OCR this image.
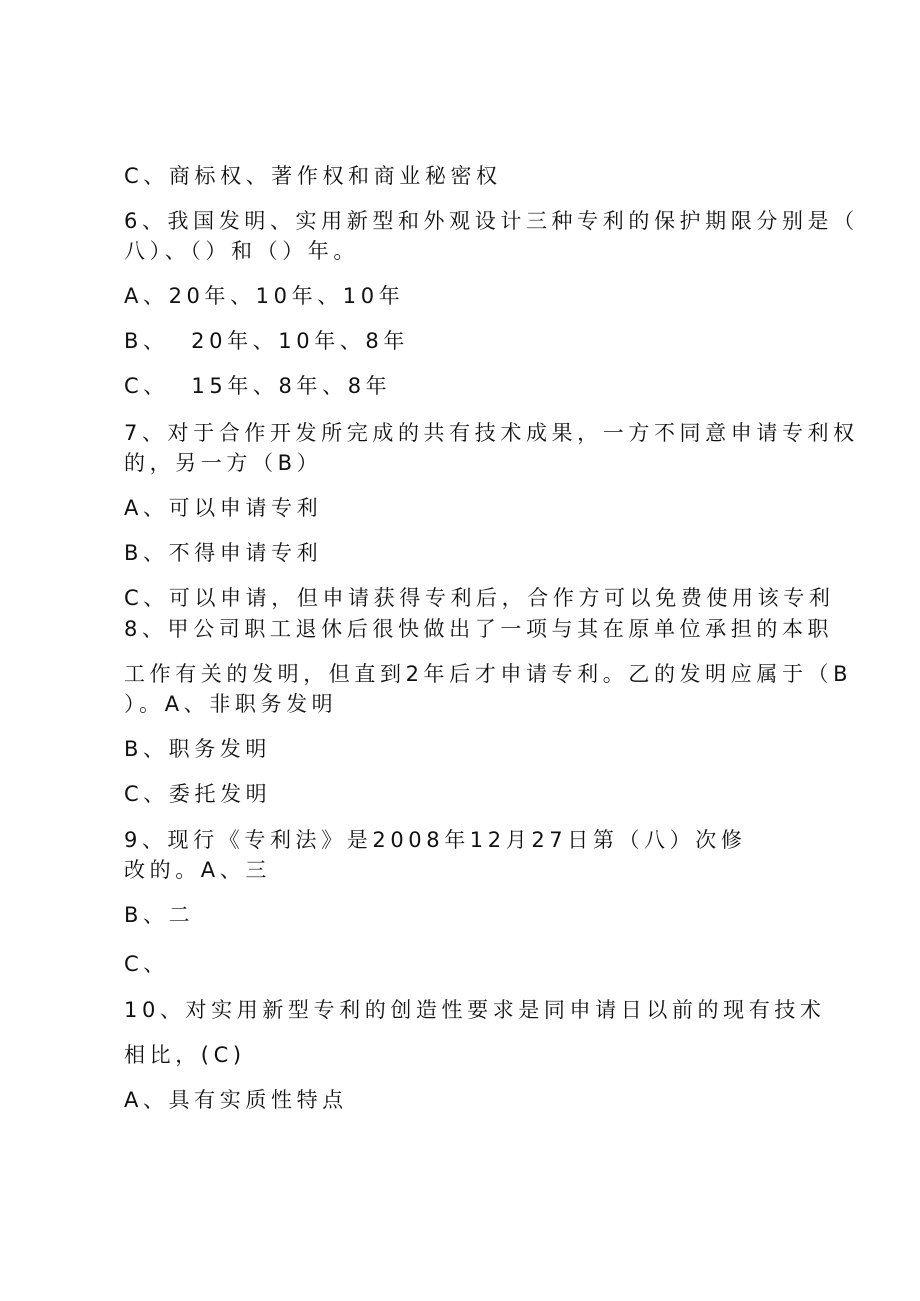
C、商标权、著作权和商业秘密权
6、我国发明、实用新型和外观设计三种专利的保护期限分别是（
八）、（）和（）年。
A、20年、10年、10年
B、  20年、10年、8年
C、  15年、8年、8年
7、对于合作开发所完成的共有技术成果，一方不同意申请专利权
的，另一方（B）
A、可以申请专利
B、不得申请专利
C、可以申请，但申请获得专利后，合作方可以免费使用该专利
8、甲公司职工退休后很快做出了一项与其在原单位承担的本职
工作有关的发明，但直到2年后才申请专利。乙的发明应属于（B
）。A、非职务发明
B、职务发明
C、委托发明
9、现行《专利法》是2008年12月27日第（八）次修
改的。A、三
B、二
C、
10、对实用新型专利的创造性要求是同申请日以前的现有技术
相比，(C)
A、具有实质性特点
